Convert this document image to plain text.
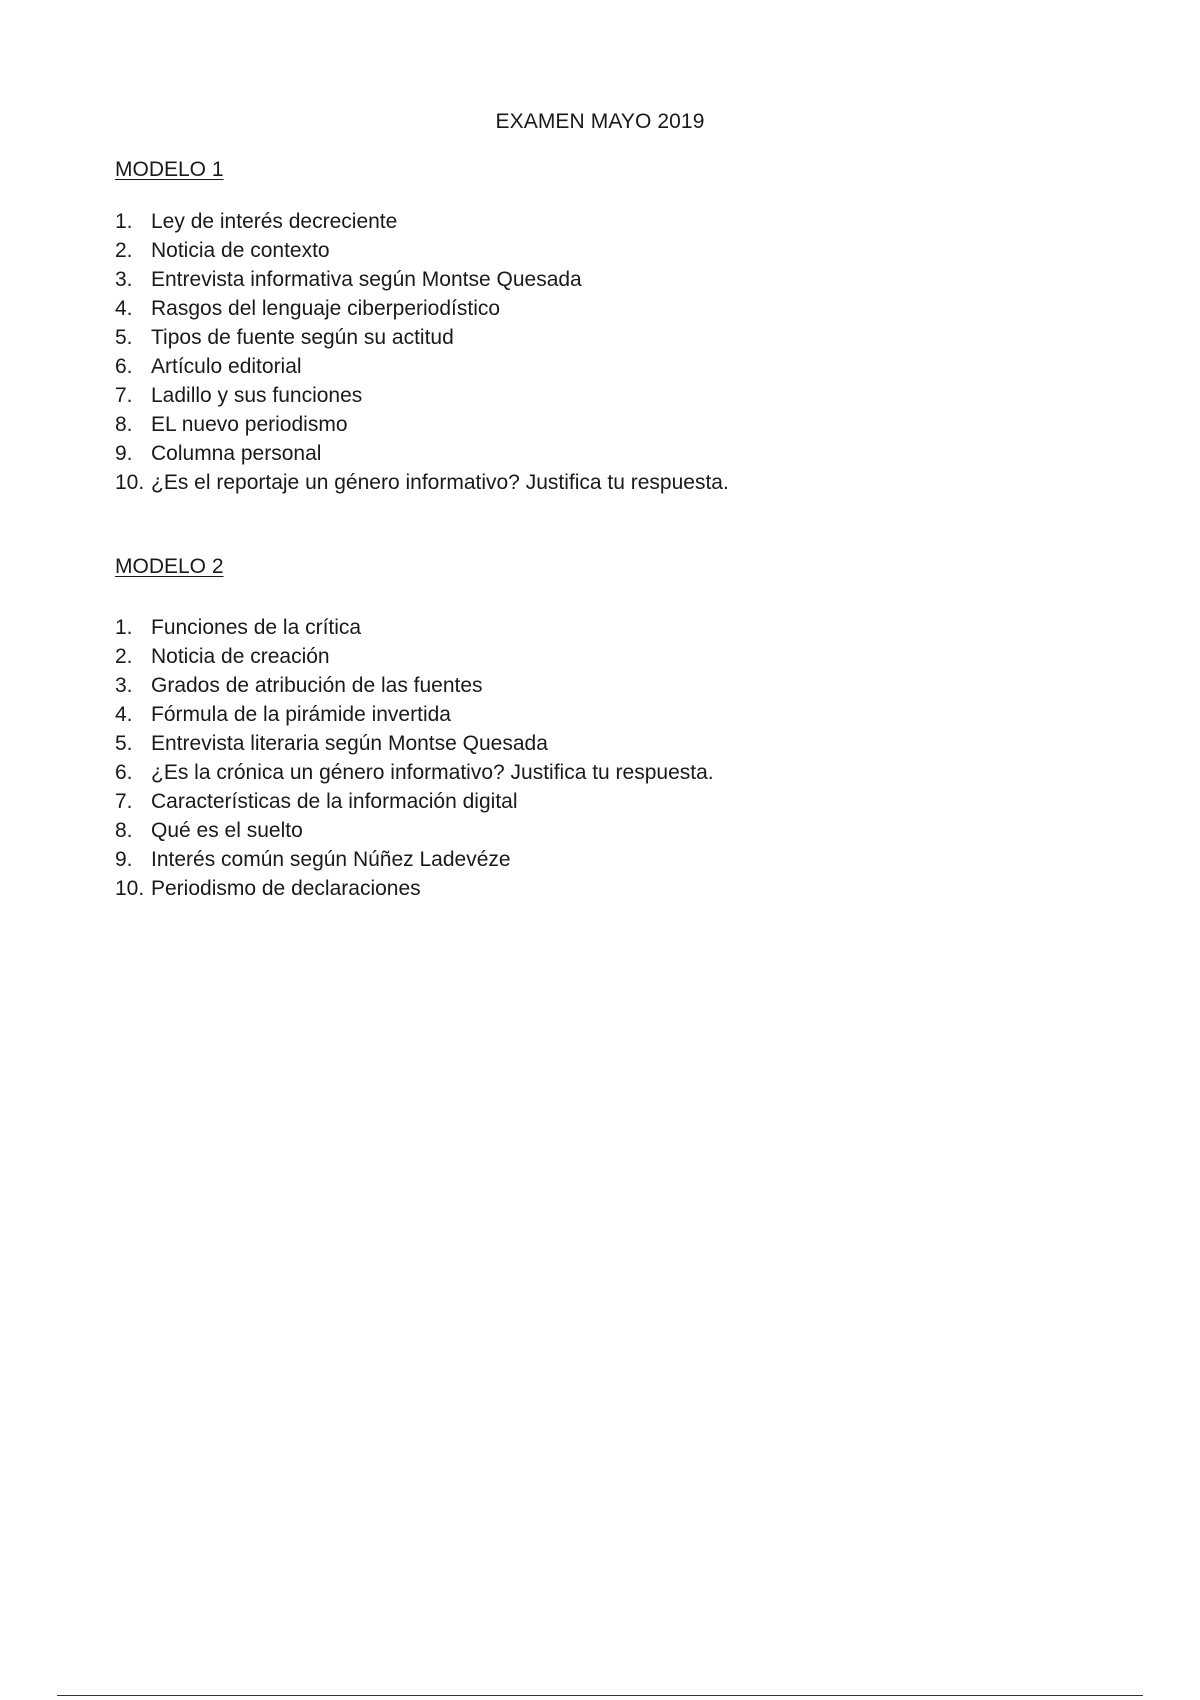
EXAMEN MAYO 2019
MODELO 1
1. Ley de interés decreciente
2. Noticia de contexto
3. Entrevista informativa según Montse Quesada
4. Rasgos del lenguaje ciberperiodístico
5. Tipos de fuente según su actitud
6. Artículo editorial
7. Ladillo y sus funciones
8. EL nuevo periodismo
9. Columna personal
10. ¿Es el reportaje un género informativo? Justifica tu respuesta.
MODELO 2
1. Funciones de la crítica
2. Noticia de creación
3. Grados de atribución de las fuentes
4. Fórmula de la pirámide invertida
5. Entrevista literaria según Montse Quesada
6. ¿Es la crónica un género informativo? Justifica tu respuesta.
7. Características de la información digital
8. Qué es el suelto
9. Interés común según Núñez Ladevéze
10. Periodismo de declaraciones
